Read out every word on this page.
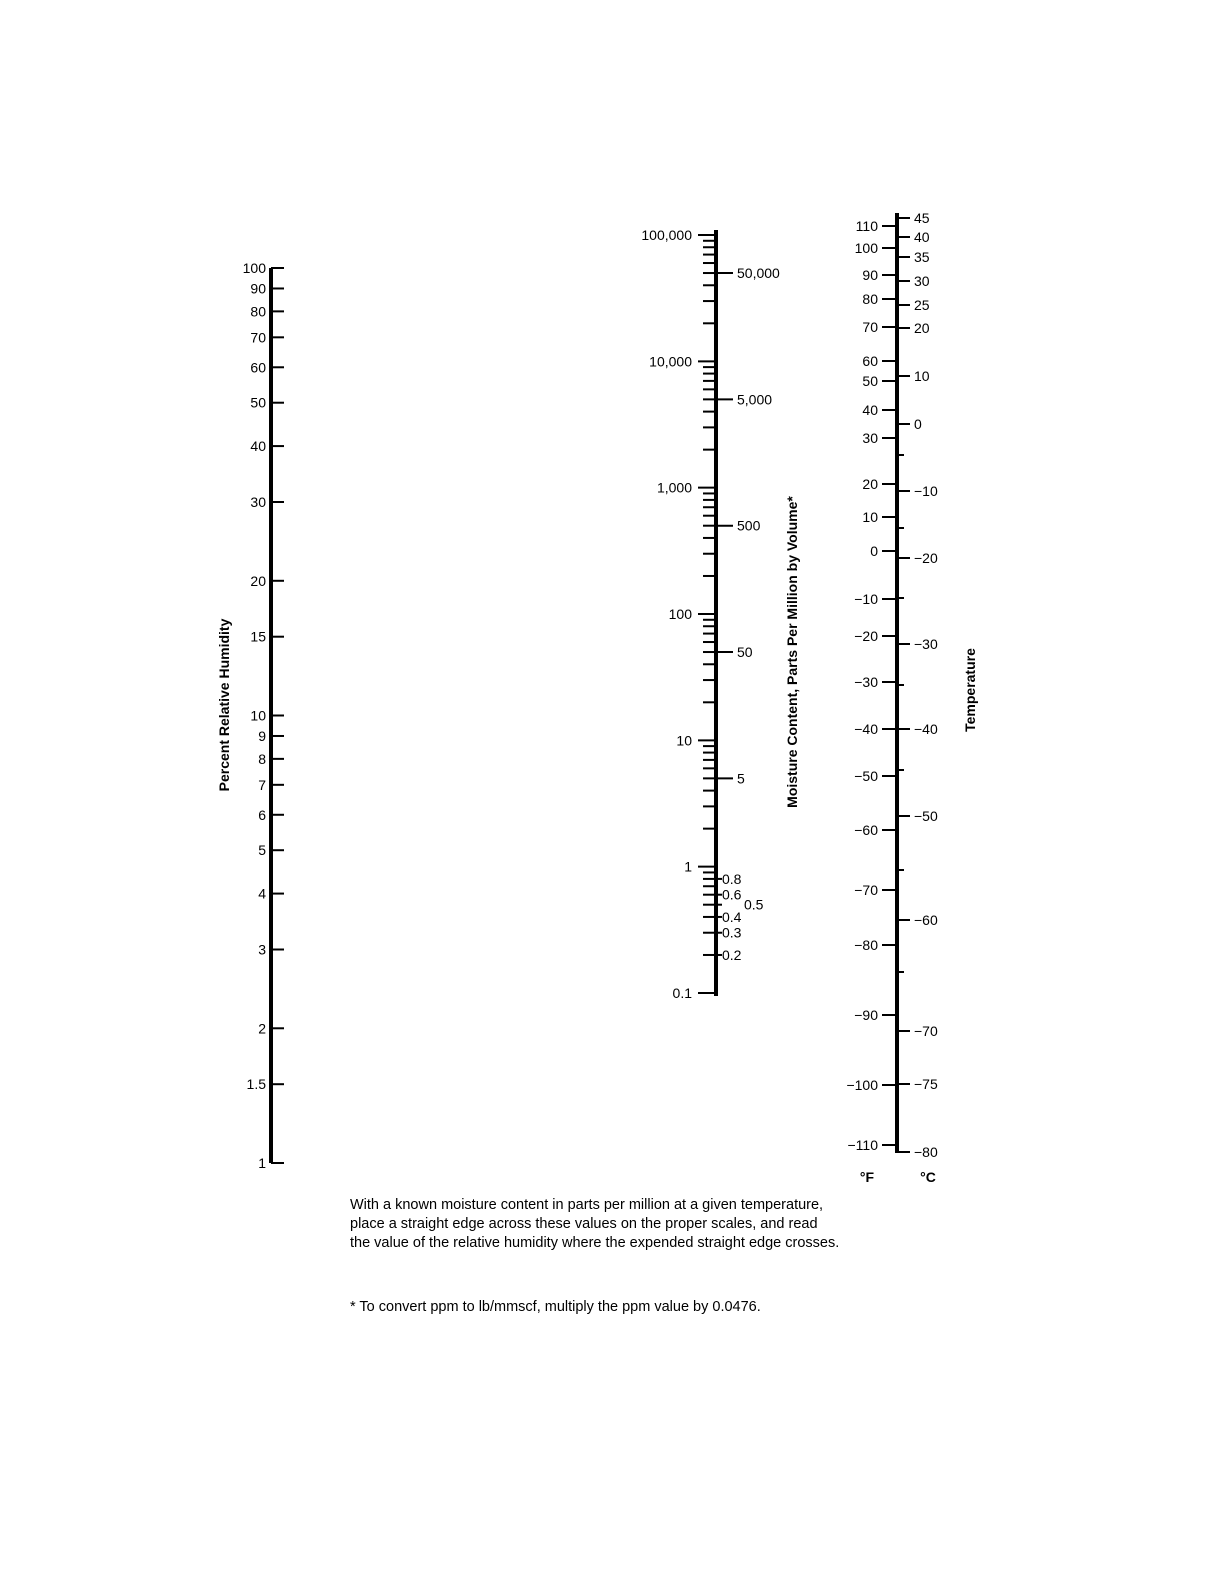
100
90
80
70
60
50
40
30
20
15
10
9
8
7
6
5
4
3
2
1.5
1
Percent Relative Humidity
100,000
10,000
1,000
100
10
1
0.1
50,000
5,000
500
50
5
0.8
0.6
0.5
0.4
0.3
0.2
Moisture Content, Parts Per Million by Volume*
110
100
90
80
70
60
50
40
30
20
10
0
−10
−20
−30
−40
−50
−60
−70
−80
−90
−100
−110
45
40
35
30
25
20
10
0
−10
−20
−30
−40
−50
−60
−70
−75
−80
Temperature
°F	°C
With a known moisture content in parts per million at a given temperature, place a straight edge across these values on the proper scales, and read the value of the relative humidity where the expended straight edge crosses.
* To convert ppm to lb/mmscf, multiply the ppm value by 0.0476.
